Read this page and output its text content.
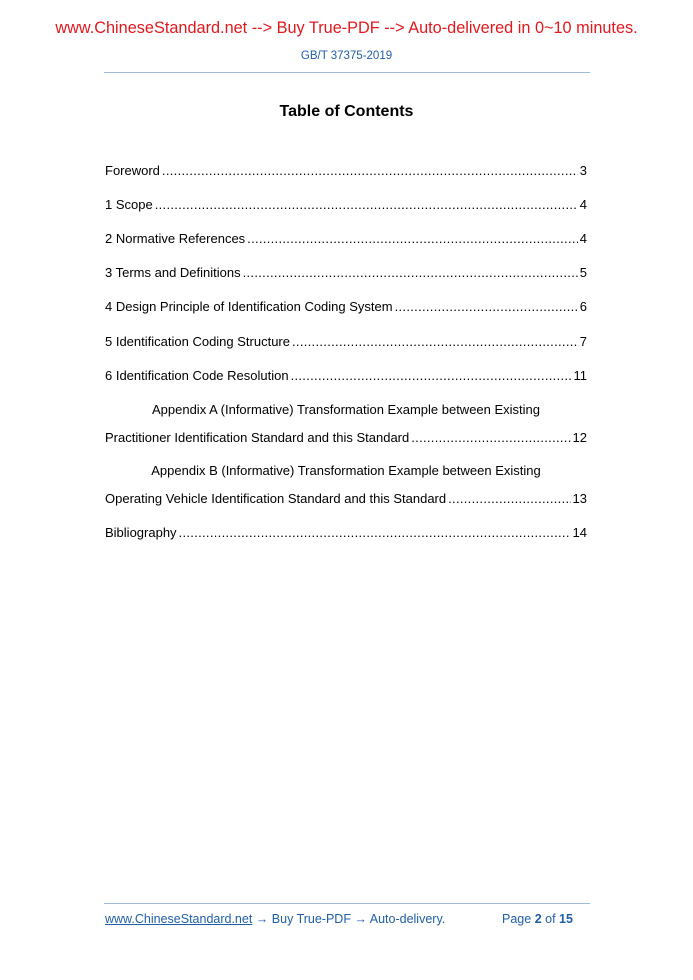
www.ChineseStandard.net --> Buy True-PDF --> Auto-delivered in 0~10 minutes.
GB/T 37375-2019
Table of Contents
Foreword .....	3
1 Scope .....	4
2 Normative References .....	4
3 Terms and Definitions .....	5
4 Design Principle of Identification Coding System .....	6
5 Identification Coding Structure .....	7
6 Identification Code Resolution .....	11
Appendix A (Informative) Transformation Example between Existing
Practitioner Identification Standard and this Standard .....	12
Appendix B (Informative) Transformation Example between Existing
Operating Vehicle Identification Standard and this Standard .....	13
Bibliography .....	14
www.ChineseStandard.net → Buy True-PDF → Auto-delivery.	Page 2 of 15
